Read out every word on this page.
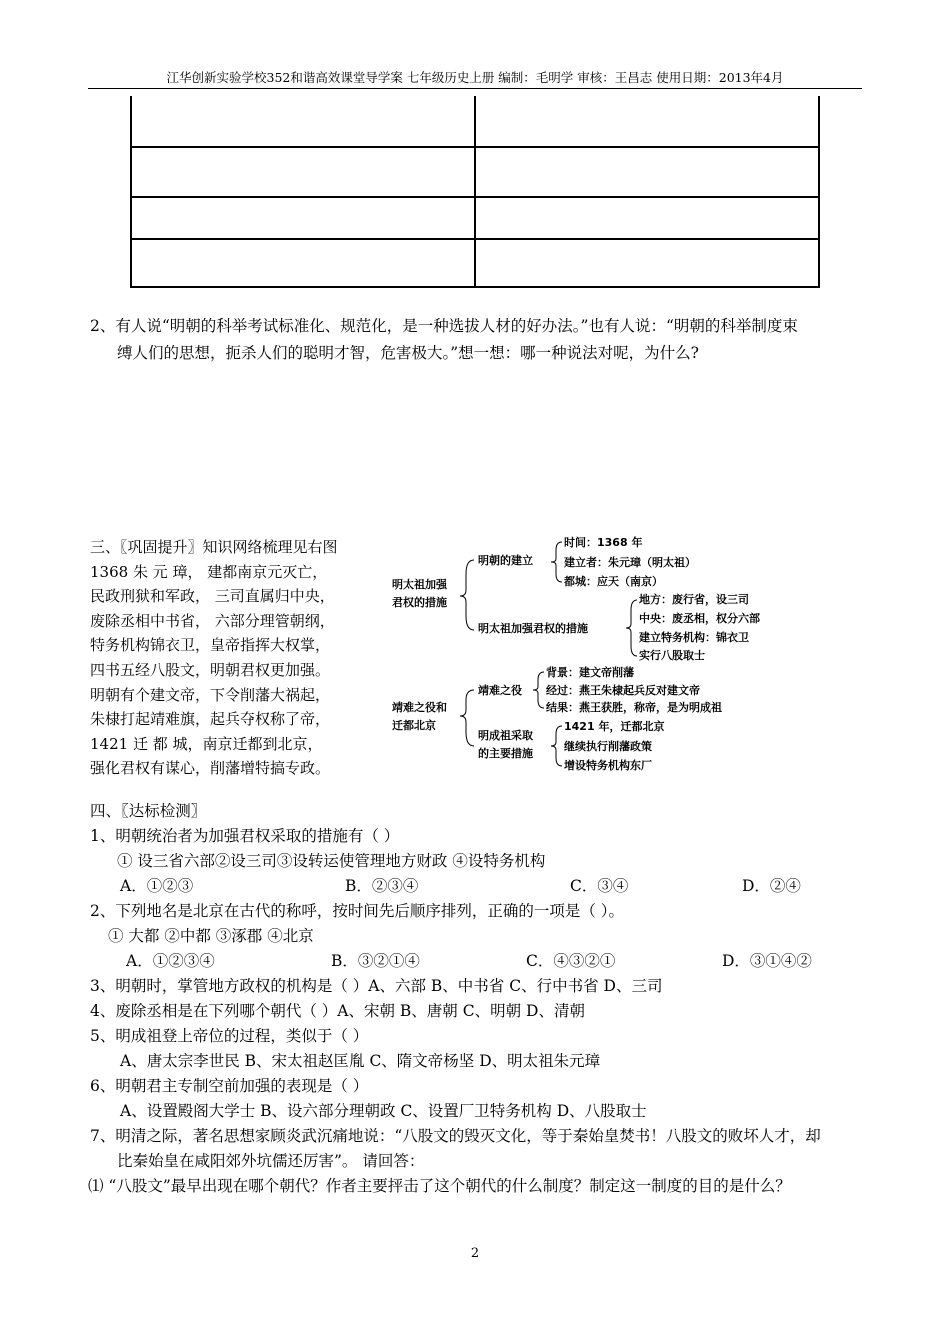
江华创新实验学校352和谐高效课堂导学案 七年级历史上册 编制：毛明学 审核：王昌志 使用日期：2013年4月

2、有人说“明朝的科举考试标准化、规范化，是一种选拔人材的好办法。”也有人说：“明朝的科举制度束
缚人们的思想，扼杀人们的聪明才智，危害极大。”想一想：哪一种说法对呢，为什么?
三、〖巩固提升〗知识网络梳理见右图
1368 朱 元 璋， 建都南京元灭亡，
民政刑狱和军政， 三司直属归中央，
废除丞相中书省， 六部分理管朝纲，
特务机构锦衣卫，皇帝指挥大权掌，
四书五经八股文，明朝君权更加强。
明朝有个建文帝，下令削藩大祸起，
朱棣打起靖难旗，起兵夺权称了帝，
1421 迁 都 城，南京迁都到北京，
强化君权有谋心，削藩增特搞专政。
明太祖加强
君权的措施
明朝的建立
时间：1368 年
建立者：朱元璋（明太祖）
都城：应天（南京）
明太祖加强君权的措施
地方：废行省，设三司
中央：废丞相，权分六部
建立特务机构：锦衣卫
实行八股取士
靖难之役和
迁都北京
靖难之役
背景：建文帝削藩
经过：燕王朱棣起兵反对建文帝
结果：燕王获胜，称帝，是为明成祖
明成祖采取
的主要措施
1421 年，迁都北京
继续执行削藩政策
增设特务机构东厂
四、〖达标检测〗
1、明朝统治者为加强君权采取的措施有（ ）
① 设三省六部②设三司③设转运使管理地方财政 ④设特务机构
A．①②③	B．②③④	C．③④	D．②④
2、下列地名是北京在古代的称呼，按时间先后顺序排列，正确的一项是（ ）。
① 大都 ②中都 ③涿郡 ④北京
A．①②③④	B．③②①④	C．④③②①	D．③①④②
3、明朝时，掌管地方政权的机构是（ ）A、六部 B、中书省 C、行中书省 D、三司
4、废除丞相是在下列哪个朝代（ ）A、宋朝 B、唐朝 C、明朝 D、清朝
5、明成祖登上帝位的过程，类似于（ ）
A、唐太宗李世民 B、宋太祖赵匡胤 C、隋文帝杨坚 D、明太祖朱元璋
6、明朝君主专制空前加强的表现是（ ）
A、设置殿阁大学士 B、设六部分理朝政 C、设置厂卫特务机构 D、八股取士
7、明清之际，著名思想家顾炎武沉痛地说：“八股文的毁灭文化，等于秦始皇焚书！八股文的败坏人才，却
比秦始皇在咸阳郊外坑儒还厉害”。 请回答：
⑴ “八股文”最早出现在哪个朝代？作者主要抨击了这个朝代的什么制度？制定这一制度的目的是什么？
2
